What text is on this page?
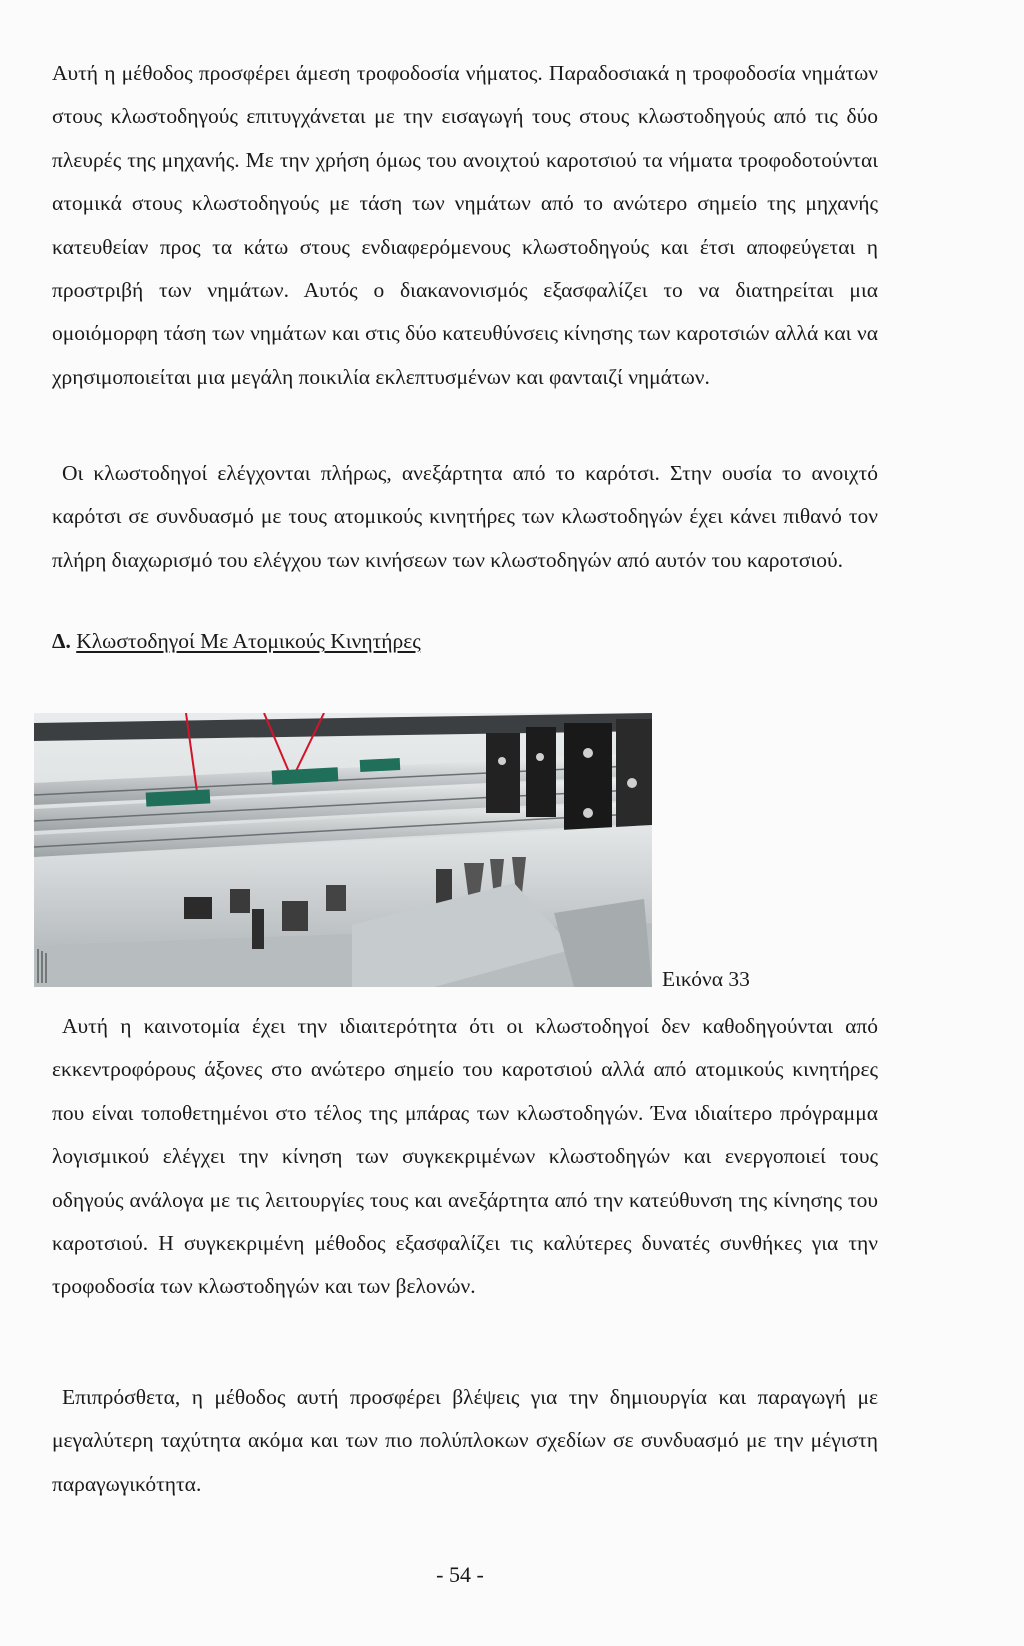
Αυτή η μέθοδος προσφέρει άμεση τροφοδοσία νήματος. Παραδοσιακά η τροφοδοσία νημάτων στους κλωστοδηγούς επιτυγχάνεται με την εισαγωγή τους στους κλωστοδηγούς από τις δύο πλευρές της μηχανής. Με την χρήση όμως του ανοιχτού καροτσιού τα νήματα τροφοδοτούνται ατομικά στους κλωστοδηγούς με τάση των νημάτων από το ανώτερο σημείο της μηχανής κατευθείαν προς τα κάτω στους ενδιαφερόμενους κλωστοδηγούς και έτσι αποφεύγεται η προστριβή των νημάτων. Αυτός ο διακανονισμός εξασφαλίζει το να διατηρείται μια ομοιόμορφη τάση των νημάτων και στις δύο κατευθύνσεις κίνησης των καροτσιών αλλά και να χρησιμοποιείται μια μεγάλη ποικιλία εκλεπτυσμένων και φανταιζί νημάτων.

Οι κλωστοδηγοί ελέγχονται πλήρως, ανεξάρτητα από το καρότσι. Στην ουσία το ανοιχτό καρότσι σε συνδυασμό με τους ατομικούς κινητήρες των κλωστοδηγών έχει κάνει πιθανό τον πλήρη διαχωρισμό του ελέγχου των κινήσεων των κλωστοδηγών από αυτόν του καροτσιού.

Δ. Κλωστοδηγοί Με Ατομικούς Κινητήρες
Εικόνα 33

Αυτή η καινοτομία έχει την ιδιαιτερότητα ότι οι κλωστοδηγοί δεν καθοδηγούνται από εκκεντροφόρους άξονες στο ανώτερο σημείο του καροτσιού αλλά από ατομικούς κινητήρες που είναι τοποθετημένοι στο τέλος της μπάρας των κλωστοδηγών. Ένα ιδιαίτερο πρόγραμμα λογισμικού ελέγχει την κίνηση των συγκεκριμένων κλωστοδηγών και ενεργοποιεί τους οδηγούς ανάλογα με τις λειτουργίες τους και ανεξάρτητα από την κατεύθυνση της κίνησης του καροτσιού. Η συγκεκριμένη μέθοδος εξασφαλίζει τις καλύτερες δυνατές συνθήκες για την τροφοδοσία των κλωστοδηγών και των βελονών.

Επιπρόσθετα, η μέθοδος αυτή προσφέρει βλέψεις για την δημιουργία και παραγωγή με μεγαλύτερη ταχύτητα ακόμα και των πιο πολύπλοκων σχεδίων σε συνδυασμό με την μέγιστη παραγωγικότητα.

- 54 -
